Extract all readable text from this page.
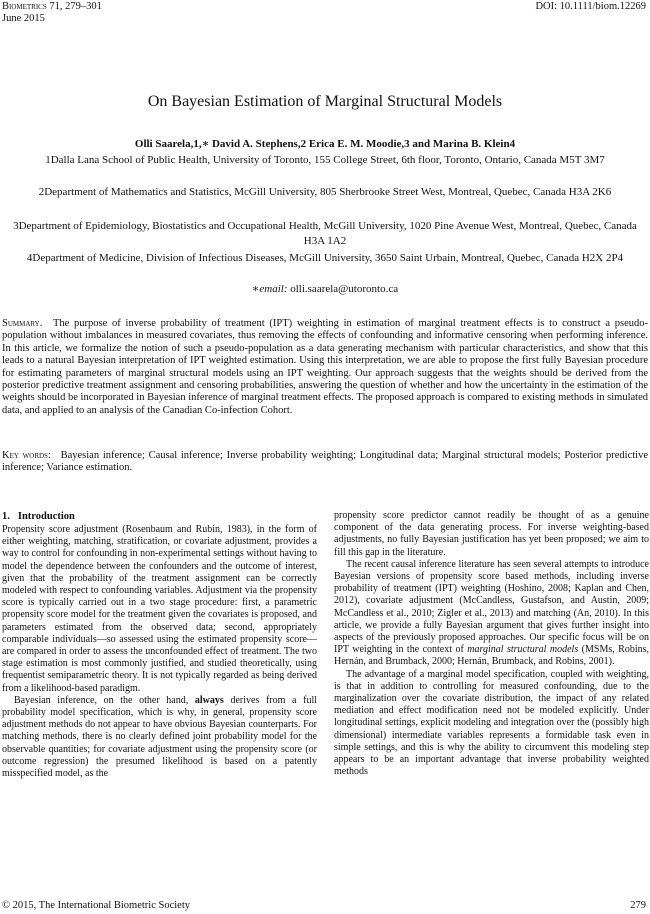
Biometrics 71, 279–301
June 2015
DOI: 10.1111/biom.12269
On Bayesian Estimation of Marginal Structural Models
Olli Saarela,1,∗ David A. Stephens,2 Erica E. M. Moodie,3 and Marina B. Klein4
1Dalla Lana School of Public Health, University of Toronto, 155 College Street, 6th floor, Toronto, Ontario, Canada M5T 3M7
2Department of Mathematics and Statistics, McGill University, 805 Sherbrooke Street West, Montreal, Quebec, Canada H3A 2K6
3Department of Epidemiology, Biostatistics and Occupational Health, McGill University, 1020 Pine Avenue West, Montreal, Quebec, Canada H3A 1A2
4Department of Medicine, Division of Infectious Diseases, McGill University, 3650 Saint Urbain, Montreal, Quebec, Canada H2X 2P4
∗email: olli.saarela@utoronto.ca
Summary. The purpose of inverse probability of treatment (IPT) weighting in estimation of marginal treatment effects is to construct a pseudo-population without imbalances in measured covariates, thus removing the effects of confounding and informative censoring when performing inference. In this article, we formalize the notion of such a pseudo-population as a data generating mechanism with particular characteristics, and show that this leads to a natural Bayesian interpretation of IPT weighted estimation. Using this interpretation, we are able to propose the first fully Bayesian procedure for estimating parameters of marginal structural models using an IPT weighting. Our approach suggests that the weights should be derived from the posterior predictive treatment assignment and censoring probabilities, answering the question of whether and how the uncertainty in the estimation of the weights should be incorporated in Bayesian inference of marginal treatment effects. The proposed approach is compared to existing methods in simulated data, and applied to an analysis of the Canadian Co-infection Cohort.
Key words: Bayesian inference; Causal inference; Inverse probability weighting; Longitudinal data; Marginal structural models; Posterior predictive inference; Variance estimation.
1. Introduction

Propensity score adjustment (Rosenbaum and Rubin, 1983), in the form of either weighting, matching, stratification, or covariate adjustment, provides a way to control for confounding in non-experimental settings without having to model the dependence between the confounders and the outcome of interest, given that the probability of the treatment assignment can be correctly modeled with respect to confounding variables. Adjustment via the propensity score is typically carried out in a two stage procedure: first, a parametric propensity score model for the treatment given the covariates is proposed, and parameters estimated from the observed data; second, appropriately comparable individuals—so assessed using the estimated propensity score—are compared in order to assess the unconfounded effect of treatment. The two stage estimation is most commonly justified, and studied theoretically, using frequentist semiparametric theory. It is not typically regarded as being derived from a likelihood-based paradigm.

Bayesian inference, on the other hand, always derives from a full probability model specification, which is why, in general, propensity score adjustment methods do not appear to have obvious Bayesian counterparts. For matching methods, there is no clearly defined joint probability model for the observable quantities; for covariate adjustment using the propensity score (or outcome regression) the presumed likelihood is based on a patently misspecified model, as the

propensity score predictor cannot readily be thought of as a genuine component of the data generating process. For inverse weighting-based adjustments, no fully Bayesian justification has yet been proposed; we aim to fill this gap in the literature.

The recent causal inference literature has seen several attempts to introduce Bayesian versions of propensity score based methods, including inverse probability of treatment (IPT) weighting (Hoshino, 2008; Kaplan and Chen, 2012), covariate adjustment (McCandless, Gustafson, and Austin, 2009; McCandless et al., 2010; Zigler et al., 2013) and matching (An, 2010). In this article, we provide a fully Bayesian argument that gives further insight into aspects of the previously proposed approaches. Our specific focus will be on IPT weighting in the context of marginal structural models (MSMs, Robins, Hernán, and Brumback, 2000; Hernán, Brumback, and Robins, 2001).

The advantage of a marginal model specification, coupled with weighting, is that in addition to controlling for measured confounding, due to the marginalization over the covariate distribution, the impact of any related mediation and effect modification need not be modeled explicitly. Under longitudinal settings, explicit modeling and integration over the (possibly high dimensional) intermediate variables represents a formidable task even in simple settings, and this is why the ability to circumvent this modeling step appears to be an important advantage that inverse probability weighted methods

© 2015, The International Biometric Society	279
